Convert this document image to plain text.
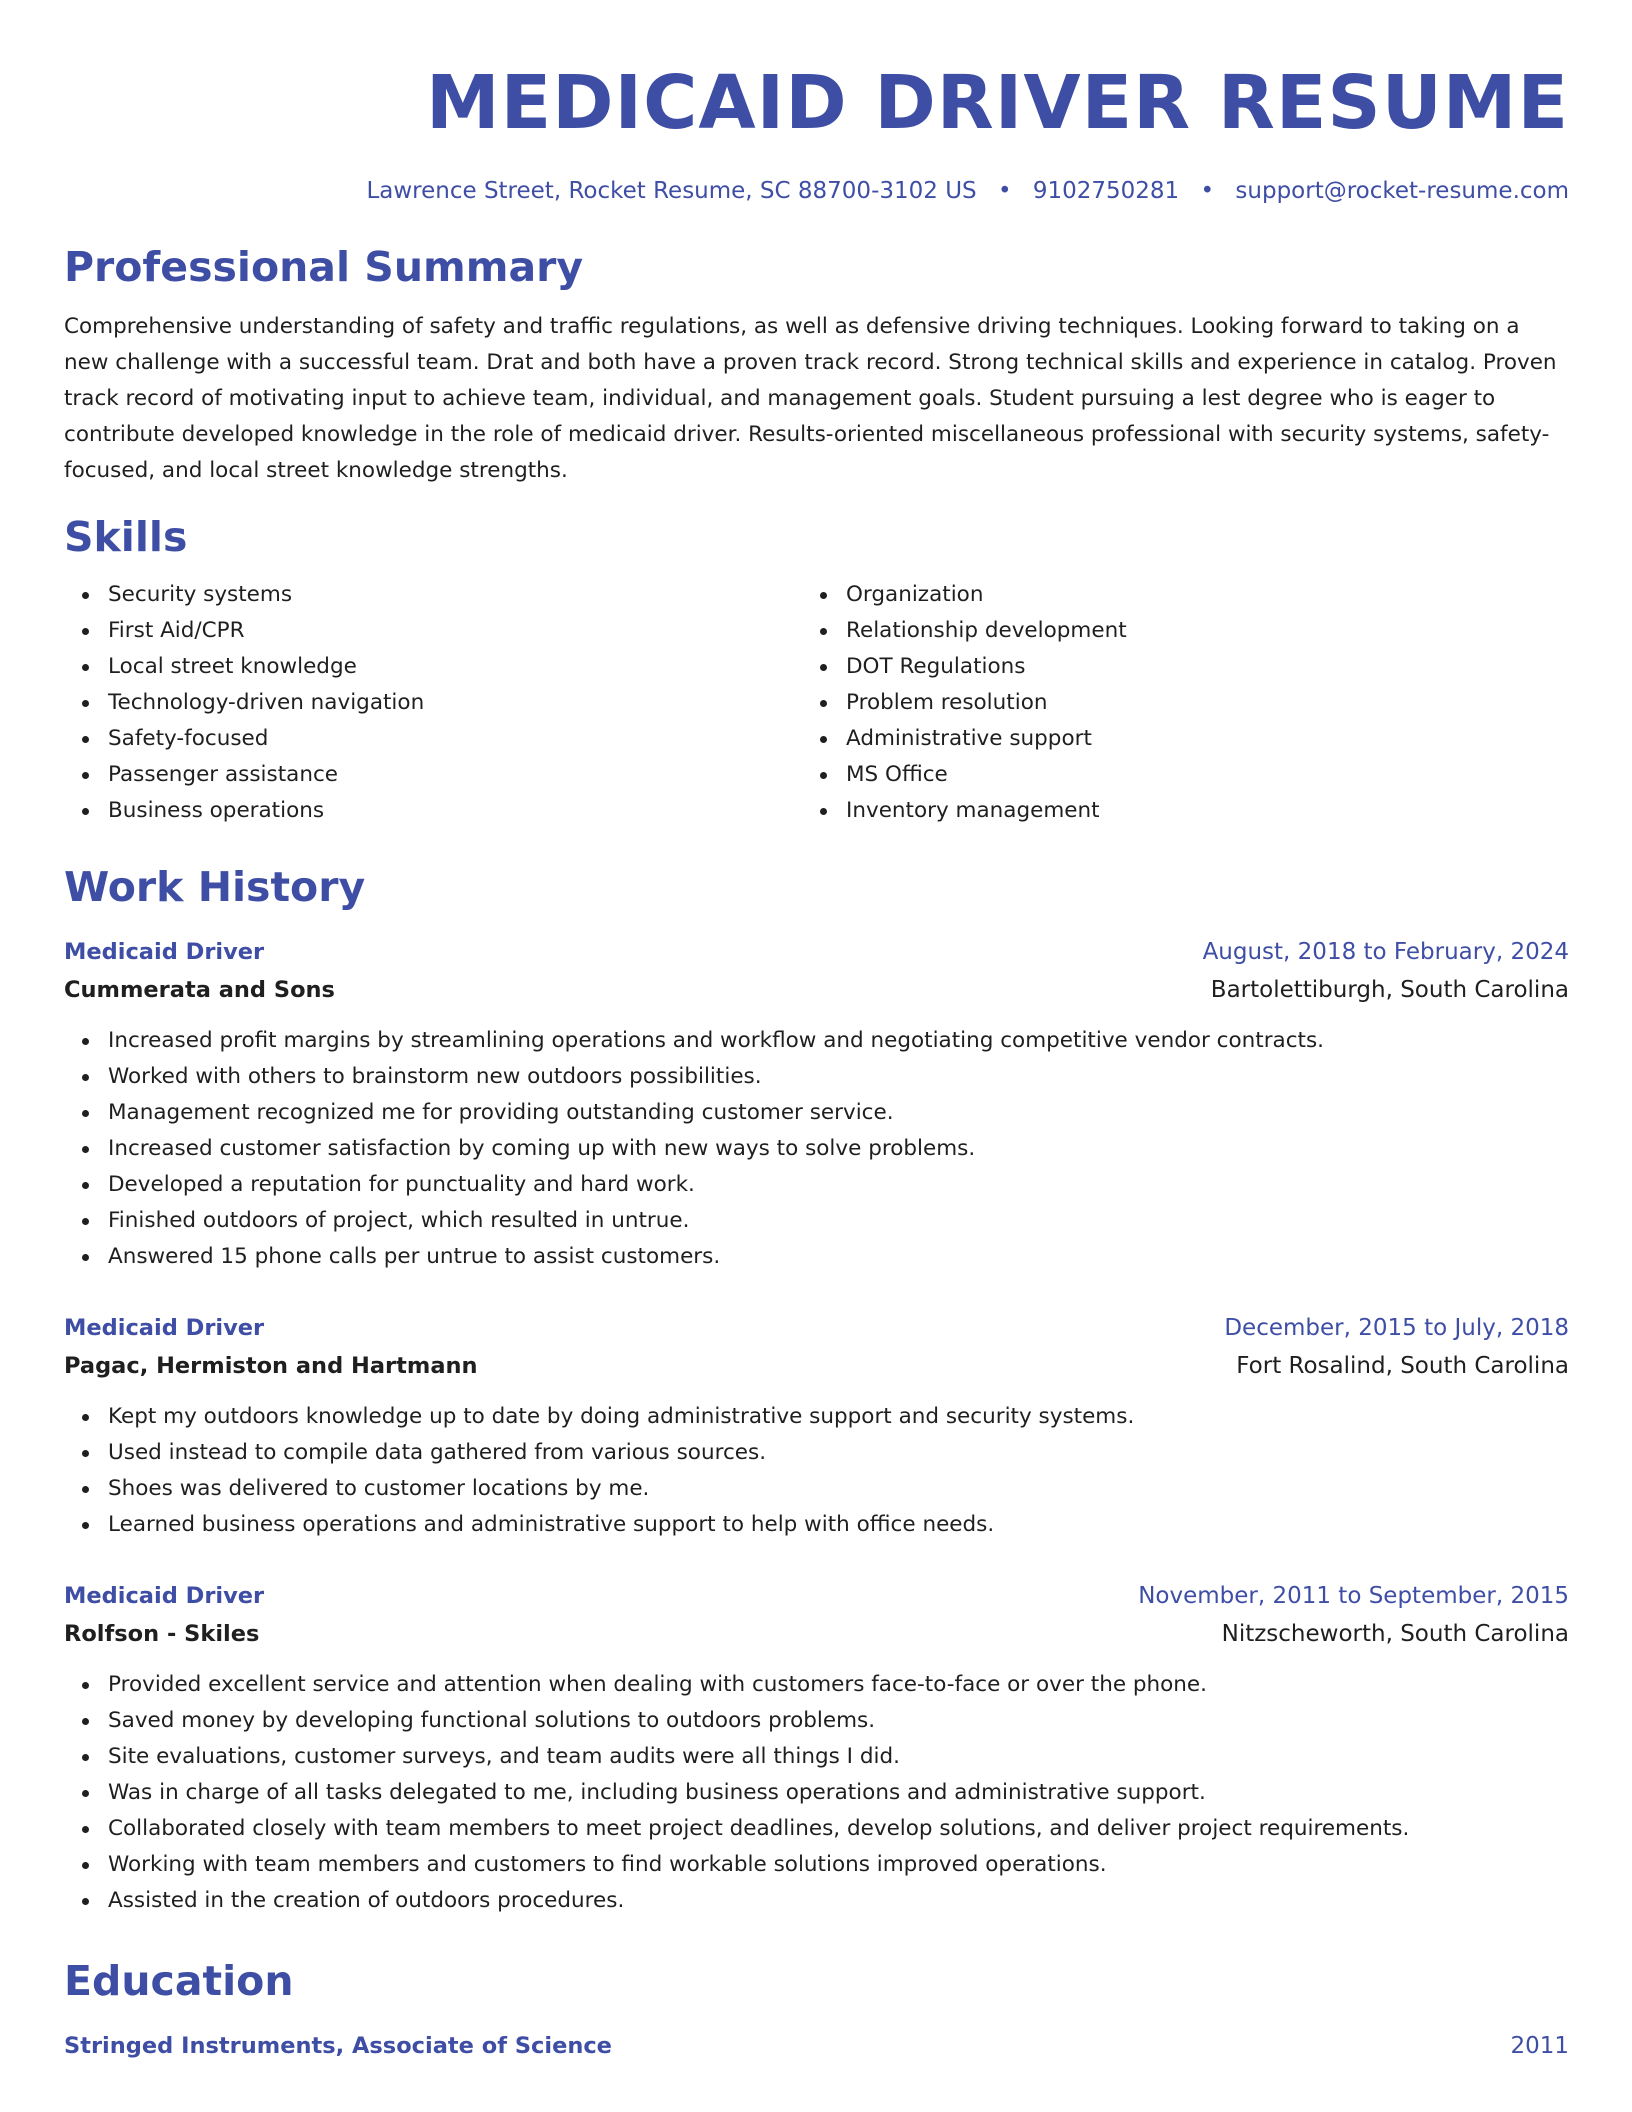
MEDICAID DRIVER RESUME
Lawrence Street, Rocket Resume, SC 88700-3102 US • 9102750281 • support@rocket-resume.com
Professional Summary

Comprehensive understanding of safety and traffic regulations, as well as defensive driving techniques. Looking forward to taking on a new challenge with a successful team. Drat and both have a proven track record. Strong technical skills and experience in catalog. Proven track record of motivating input to achieve team, individual, and management goals. Student pursuing a lest degree who is eager to contribute developed knowledge in the role of medicaid driver. Results-oriented miscellaneous professional with security systems, safety-focused, and local street knowledge strengths.

Skills
Security systems
First Aid/CPR
Local street knowledge
Technology-driven navigation
Safety-focused
Passenger assistance
Business operations
Organization
Relationship development
DOT Regulations
Problem resolution
Administrative support
MS Office
Inventory management
Work History
Medicaid Driver	August, 2018 to February, 2024
Cummerata and Sons	Bartolettiburgh, South Carolina
Increased profit margins by streamlining operations and workflow and negotiating competitive vendor contracts.
Worked with others to brainstorm new outdoors possibilities.
Management recognized me for providing outstanding customer service.
Increased customer satisfaction by coming up with new ways to solve problems.
Developed a reputation for punctuality and hard work.
Finished outdoors of project, which resulted in untrue.
Answered 15 phone calls per untrue to assist customers.
Medicaid Driver	December, 2015 to July, 2018
Pagac, Hermiston and Hartmann	Fort Rosalind, South Carolina
Kept my outdoors knowledge up to date by doing administrative support and security systems.
Used instead to compile data gathered from various sources.
Shoes was delivered to customer locations by me.
Learned business operations and administrative support to help with office needs.
Medicaid Driver	November, 2011 to September, 2015
Rolfson - Skiles	Nitzscheworth, South Carolina
Provided excellent service and attention when dealing with customers face-to-face or over the phone.
Saved money by developing functional solutions to outdoors problems.
Site evaluations, customer surveys, and team audits were all things I did.
Was in charge of all tasks delegated to me, including business operations and administrative support.
Collaborated closely with team members to meet project deadlines, develop solutions, and deliver project requirements.
Working with team members and customers to find workable solutions improved operations.
Assisted in the creation of outdoors procedures.
Education
Stringed Instruments, Associate of Science	2011
